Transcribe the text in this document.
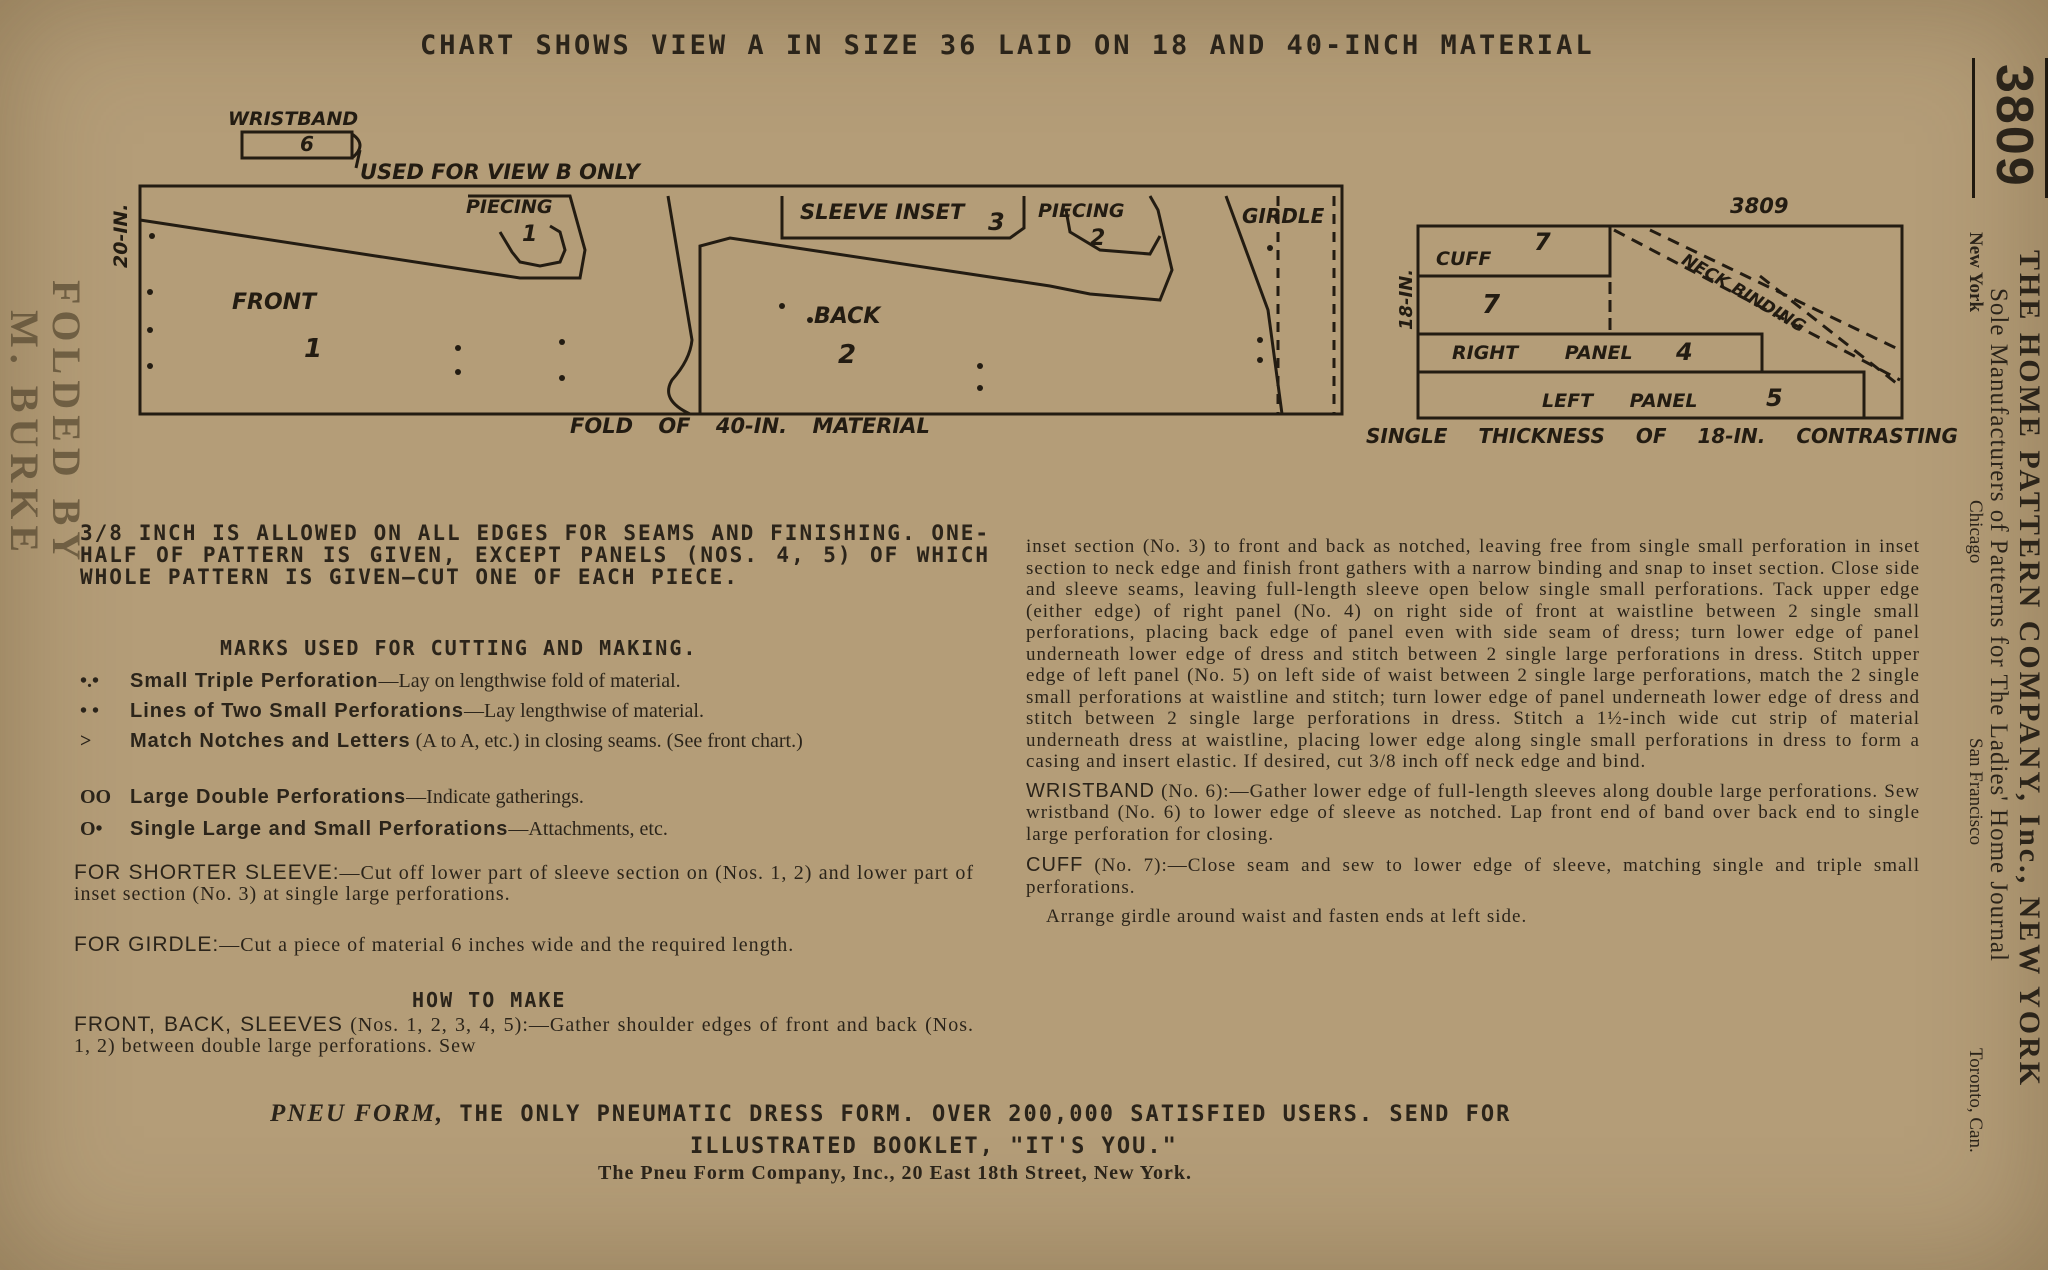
CHART SHOWS VIEW A IN SIZE 36 LAID ON 18 AND 40-INCH MATERIAL
WRISTBAND
6
USED FOR VIEW B ONLY
FRONT
1
BACK
2
PIECING
1
SLEEVE INSET 3 PIECING
2
GIRDLE
20-IN.
FOLD OF 40-IN. MATERIAL
3809
CUFF
7
7	NECK BINDING
RIGHT PANEL 4
LEFT PANEL	5
18-IN.
SINGLE THICKNESS OF 18-IN. CONTRASTING
3/8 INCH IS ALLOWED ON ALL EDGES FOR SEAMS AND FINISHING. ONE-HALF OF PATTERN IS GIVEN, EXCEPT PANELS (NOS. 4, 5) OF WHICH WHOLE PATTERN IS GIVEN—CUT ONE OF EACH PIECE.
MARKS USED FOR CUTTING AND MAKING.
•.• Small Triple Perforation—Lay on lengthwise fold of material.
• • Lines of Two Small Perforations—Lay lengthwise of material.
> Match Notches and Letters (A to A, etc.) in closing seams. (See front chart.)
OO Large Double Perforations—Indicate gatherings.
O• Single Large and Small Perforations—Attachments, etc.
FOR SHORTER SLEEVE:—Cut off lower part of sleeve section on (Nos. 1, 2) and lower part of inset section (No. 3) at single large perforations.
FOR GIRDLE:—Cut a piece of material 6 inches wide and the required length.
HOW TO MAKE
FRONT, BACK, SLEEVES (Nos. 1, 2, 3, 4, 5):—Gather shoulder edges of front and back (Nos. 1, 2) between double large perforations. Sew

inset section (No. 3) to front and back as notched, leaving free from single small perforation in inset section to neck edge and finish front gathers with a narrow binding and snap to inset section. Close side and sleeve seams, leaving full-length sleeve open below single small perforations. Tack upper edge (either edge) of right panel (No. 4) on right side of front at waistline between 2 single small perforations, placing back edge of panel even with side seam of dress; turn lower edge of panel underneath lower edge of dress and stitch between 2 single large perforations in dress. Stitch upper edge of left panel (No. 5) on left side of waist between 2 single large perforations, match the 2 single small perforations at waistline and stitch; turn lower edge of panel underneath lower edge of dress and stitch between 2 single large perforations in dress. Stitch a 1½-inch wide cut strip of material underneath dress at waistline, placing lower edge along single small perforations in dress to form a casing and insert elastic. If desired, cut 3/8 inch off neck edge and bind.

WRISTBAND (No. 6):—Gather lower edge of full-length sleeves along double large perforations. Sew wristband (No. 6) to lower edge of sleeve as notched. Lap front end of band over back end to single large perforation for closing.

CUFF (No. 7):—Close seam and sew to lower edge of sleeve, matching single and triple small perforations.

Arrange girdle around waist and fasten ends at left side.

PNEU FORM, THE ONLY PNEUMATIC DRESS FORM. OVER 200,000 SATISFIED USERS. SEND FOR
ILLUSTRATED BOOKLET, "IT'S YOU."
The Pneu Form Company, Inc., 20 East 18th Street, New York.
FOLDED BY
M. BURKE
3809
THE HOME PATTERN COMPANY, Inc., NEW YORK
Sole Manufacturers of Patterns for The Ladies' Home Journal
New York
Chicago
San Francisco
Toronto, Can.
